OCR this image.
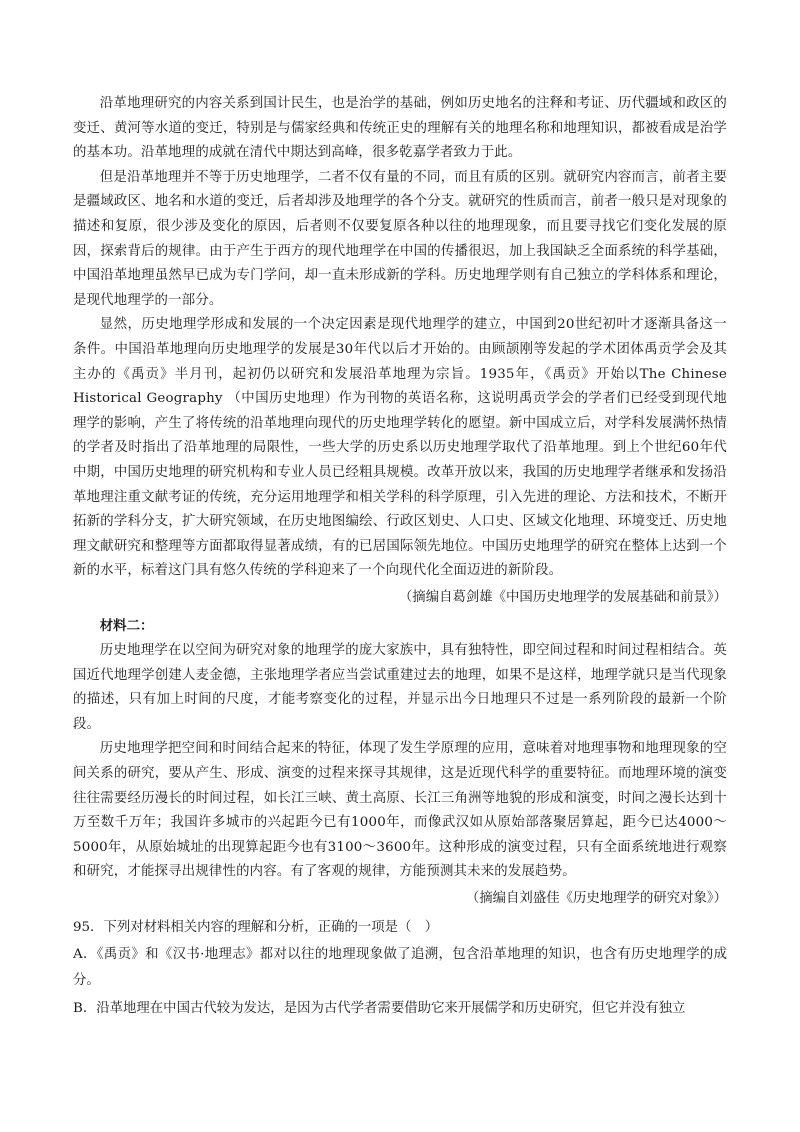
沿革地理研究的内容关系到国计民生，也是治学的基础，例如历史地名的注释和考证、历代疆域和政区的变迁、黄河等水道的变迁，特别是与儒家经典和传统正史的理解有关的地理名称和地理知识，都被看成是治学的基本功。沿革地理的成就在清代中期达到高峰，很多乾嘉学者致力于此。

但是沿革地理并不等于历史地理学，二者不仅有量的不同，而且有质的区别。就研究内容而言，前者主要是疆域政区、地名和水道的变迁，后者却涉及地理学的各个分支。就研究的性质而言，前者一般只是对现象的描述和复原，很少涉及变化的原因，后者则不仅要复原各种以往的地理现象，而且要寻找它们变化发展的原因，探索背后的规律。由于产生于西方的现代地理学在中国的传播很迟，加上我国缺乏全面系统的科学基础，中国沿革地理虽然早已成为专门学问，却一直未形成新的学科。历史地理学则有自己独立的学科体系和理论，是现代地理学的一部分。

显然，历史地理学形成和发展的一个决定因素是现代地理学的建立，中国到20世纪初叶才逐渐具备这一条件。中国沿革地理向历史地理学的发展是30年代以后才开始的。由顾颉刚等发起的学术团体禹贡学会及其主办的《禹贡》半月刊，起初仍以研究和发展沿革地理为宗旨。1935年，《禹贡》开始以The Chinese Historical Geography （中国历史地理）作为刊物的英语名称，这说明禹贡学会的学者们已经受到现代地理学的影响，产生了将传统的沿革地理向现代的历史地理学转化的愿望。新中国成立后，对学科发展满怀热情的学者及时指出了沿革地理的局限性，一些大学的历史系以历史地理学取代了沿革地理。到上个世纪60年代中期，中国历史地理的研究机构和专业人员已经粗具规模。改革开放以来，我国的历史地理学者继承和发扬沿革地理注重文献考证的传统，充分运用地理学和相关学科的科学原理，引入先进的理论、方法和技术，不断开拓新的学科分支，扩大研究领域，在历史地图编绘、行政区划史、人口史、区域文化地理、环境变迁、历史地理文献研究和整理等方面都取得显著成绩，有的已居国际领先地位。中国历史地理学的研究在整体上达到一个新的水平，标着这门具有悠久传统的学科迎来了一个向现代化全面迈进的新阶段。

（摘编自葛剑雄《中国历史地理学的发展基础和前景》）

材料二：

历史地理学在以空间为研究对象的地理学的庞大家族中，具有独特性，即空间过程和时间过程相结合。英国近代地理学创建人麦金德，主张地理学者应当尝试重建过去的地理，如果不是这样，地理学就只是当代现象的描述，只有加上时间的尺度，才能考察变化的过程，并显示出今日地理只不过是一系列阶段的最新一个阶段。

历史地理学把空间和时间结合起来的特征，体现了发生学原理的应用，意味着对地理事物和地理现象的空间关系的研究，要从产生、形成、演变的过程来探寻其规律，这是近现代科学的重要特征。而地理环境的演变往往需要经历漫长的时间过程，如长江三峡、黄土高原、长江三角洲等地貌的形成和演变，时间之漫长达到十万至数千万年；我国许多城市的兴起距今已有1000年，而像武汉如从原始部落聚居算起，距今已达4000～5000年，从原始城址的出现算起距今也有3100～3600年。这种形成的演变过程，只有全面系统地进行观察和研究，才能探寻出规律性的内容。有了客观的规律，方能预测其未来的发展趋势。

（摘编自刘盛佳《历史地理学的研究对象》）

95．下列对材料相关内容的理解和分析，正确的一项是（　）

A．《禹贡》和《汉书·地理志》都对以往的地理现象做了追溯，包含沿革地理的知识，也含有历史地理学的成分。

B．沿革地理在中国古代较为发达，是因为古代学者需要借助它来开展儒学和历史研究，但它并没有独立
